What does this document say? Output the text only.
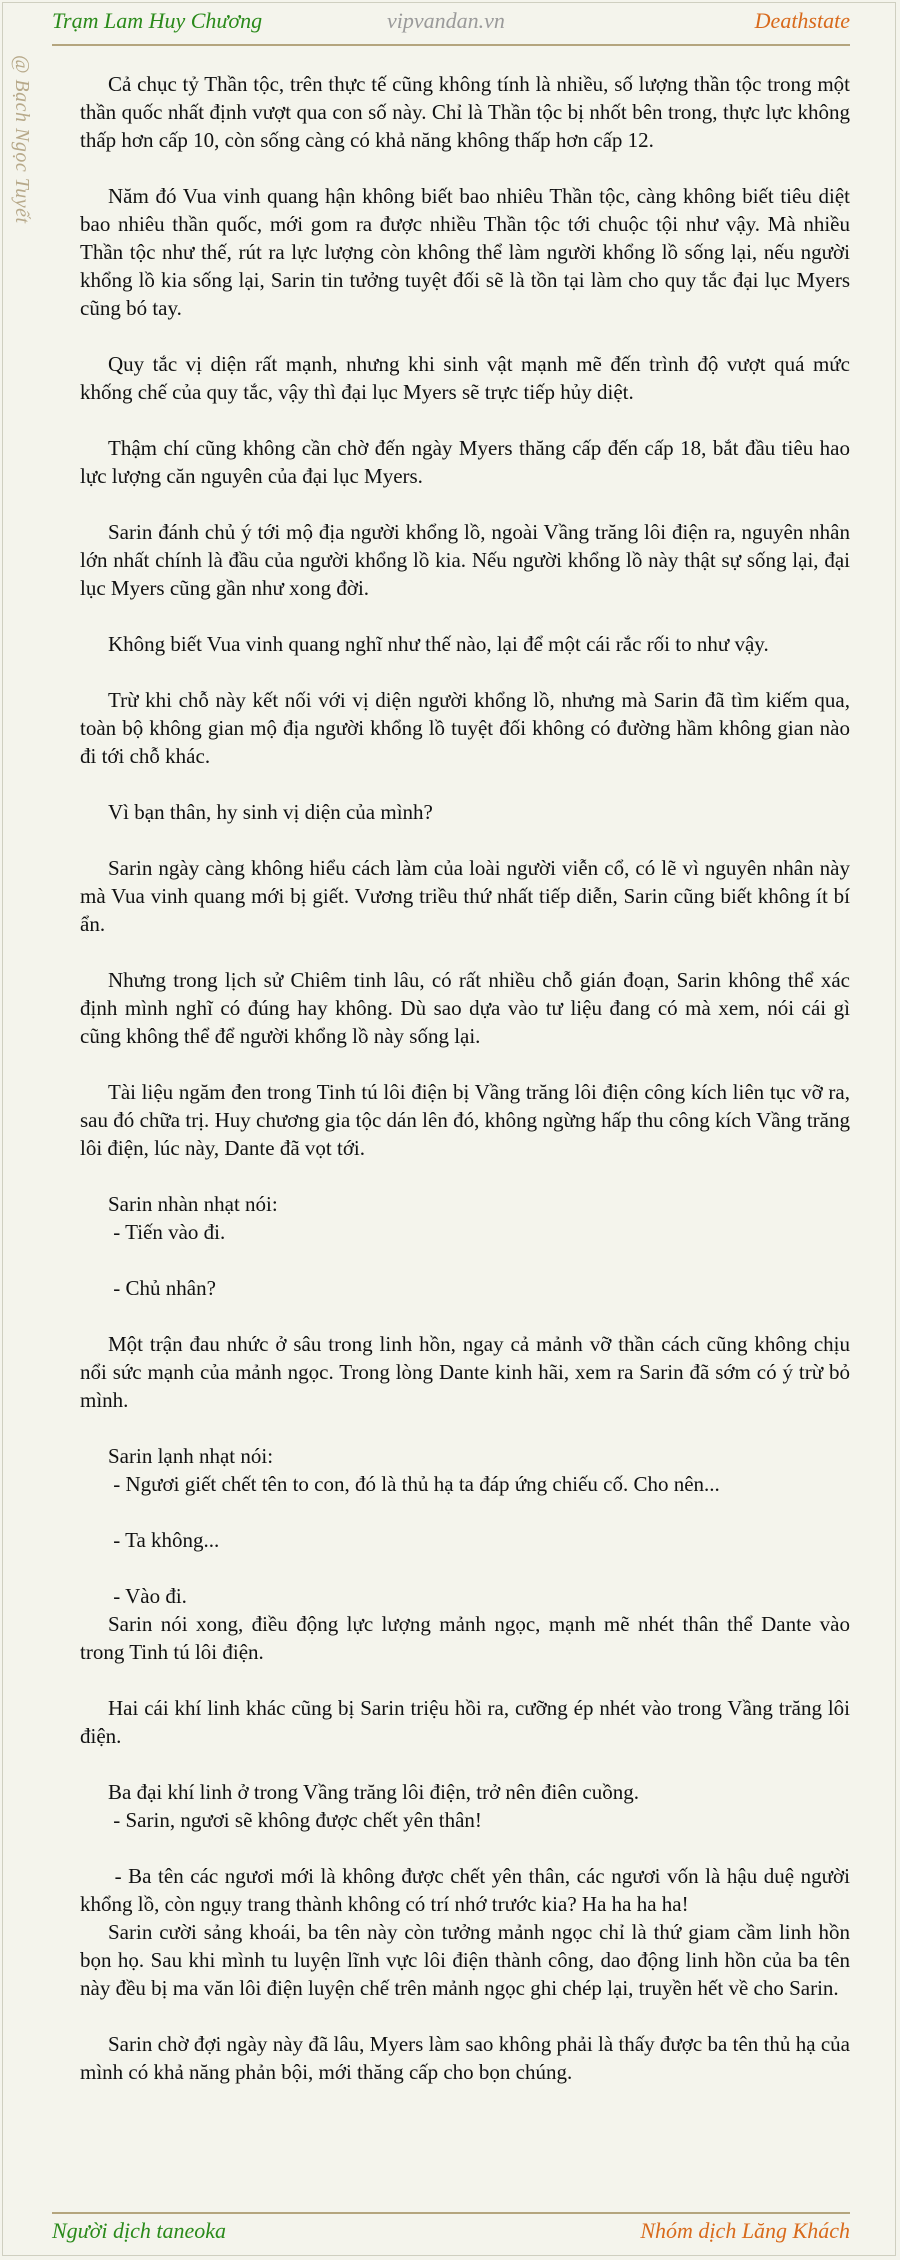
Trạm Lam Huy Chương	vipvandan.vn	Deathstate
@ Bạch Ngọc Tuyết	Cả chục tỷ Thần tộc, trên thực tế cũng không tính là nhiều, số lượng thần tộc trong một thần quốc nhất định vượt qua con số này. Chỉ là Thần tộc bị nhốt bên trong, thực lực không thấp hơn cấp 10, còn sống càng có khả năng không thấp hơn cấp 12.

Năm đó Vua vinh quang hận không biết bao nhiêu Thần tộc, càng không biết tiêu diệt bao nhiêu thần quốc, mới gom ra được nhiều Thần tộc tới chuộc tội như vậy. Mà nhiều Thần tộc như thế, rút ra lực lượng còn không thể làm người khổng lồ sống lại, nếu người khổng lồ kia sống lại, Sarin tin tưởng tuyệt đối sẽ là tồn tại làm cho quy tắc đại lục Myers cũng bó tay.

Quy tắc vị diện rất mạnh, nhưng khi sinh vật mạnh mẽ đến trình độ vượt quá mức khống chế của quy tắc, vậy thì đại lục Myers sẽ trực tiếp hủy diệt.

Thậm chí cũng không cần chờ đến ngày Myers thăng cấp đến cấp 18, bắt đầu tiêu hao lực lượng căn nguyên của đại lục Myers.

Sarin đánh chủ ý tới mộ địa người khổng lồ, ngoài Vầng trăng lôi điện ra, nguyên nhân lớn nhất chính là đầu của người khổng lồ kia. Nếu người khổng lồ này thật sự sống lại, đại lục Myers cũng gần như xong đời.

Không biết Vua vinh quang nghĩ như thế nào, lại để một cái rắc rối to như vậy.

Trừ khi chỗ này kết nối với vị diện người khổng lồ, nhưng mà Sarin đã tìm kiếm qua, toàn bộ không gian mộ địa người khổng lồ tuyệt đối không có đường hầm không gian nào đi tới chỗ khác.

Vì bạn thân, hy sinh vị diện của mình?

Sarin ngày càng không hiểu cách làm của loài người viễn cổ, có lẽ vì nguyên nhân này mà Vua vinh quang mới bị giết. Vương triều thứ nhất tiếp diễn, Sarin cũng biết không ít bí ẩn.

Nhưng trong lịch sử Chiêm tinh lâu, có rất nhiều chỗ gián đoạn, Sarin không thể xác định mình nghĩ có đúng hay không. Dù sao dựa vào tư liệu đang có mà xem, nói cái gì cũng không thể để người khổng lồ này sống lại.

Tài liệu ngăm đen trong Tinh tú lôi điện bị Vầng trăng lôi điện công kích liên tục vỡ ra, sau đó chữa trị. Huy chương gia tộc dán lên đó, không ngừng hấp thu công kích Vầng trăng lôi điện, lúc này, Dante đã vọt tới.

Sarin nhàn nhạt nói:

- Tiến vào đi.

- Chủ nhân?

Một trận đau nhức ở sâu trong linh hồn, ngay cả mảnh vỡ thần cách cũng không chịu nổi sức mạnh của mảnh ngọc. Trong lòng Dante kinh hãi, xem ra Sarin đã sớm có ý trừ bỏ mình.

Sarin lạnh nhạt nói:

- Ngươi giết chết tên to con, đó là thủ hạ ta đáp ứng chiếu cố. Cho nên...

- Ta không...

- Vào đi.

Sarin nói xong, điều động lực lượng mảnh ngọc, mạnh mẽ nhét thân thể Dante vào trong Tinh tú lôi điện.

Hai cái khí linh khác cũng bị Sarin triệu hồi ra, cưỡng ép nhét vào trong Vầng trăng lôi điện.

Ba đại khí linh ở trong Vầng trăng lôi điện, trở nên điên cuồng.

- Sarin, ngươi sẽ không được chết yên thân!

- Ba tên các ngươi mới là không được chết yên thân, các ngươi vốn là hậu duệ người khổng lồ, còn ngụy trang thành không có trí nhớ trước kia? Ha ha ha ha!

Sarin cười sảng khoái, ba tên này còn tưởng mảnh ngọc chỉ là thứ giam cầm linh hồn bọn họ. Sau khi mình tu luyện lĩnh vực lôi điện thành công, dao động linh hồn của ba tên này đều bị ma văn lôi điện luyện chế trên mảnh ngọc ghi chép lại, truyền hết về cho Sarin.

Sarin chờ đợi ngày này đã lâu, Myers làm sao không phải là thấy được ba tên thủ hạ của mình có khả năng phản bội, mới thăng cấp cho bọn chúng.

Người dịch taneoka	Nhóm dịch Lăng Khách
